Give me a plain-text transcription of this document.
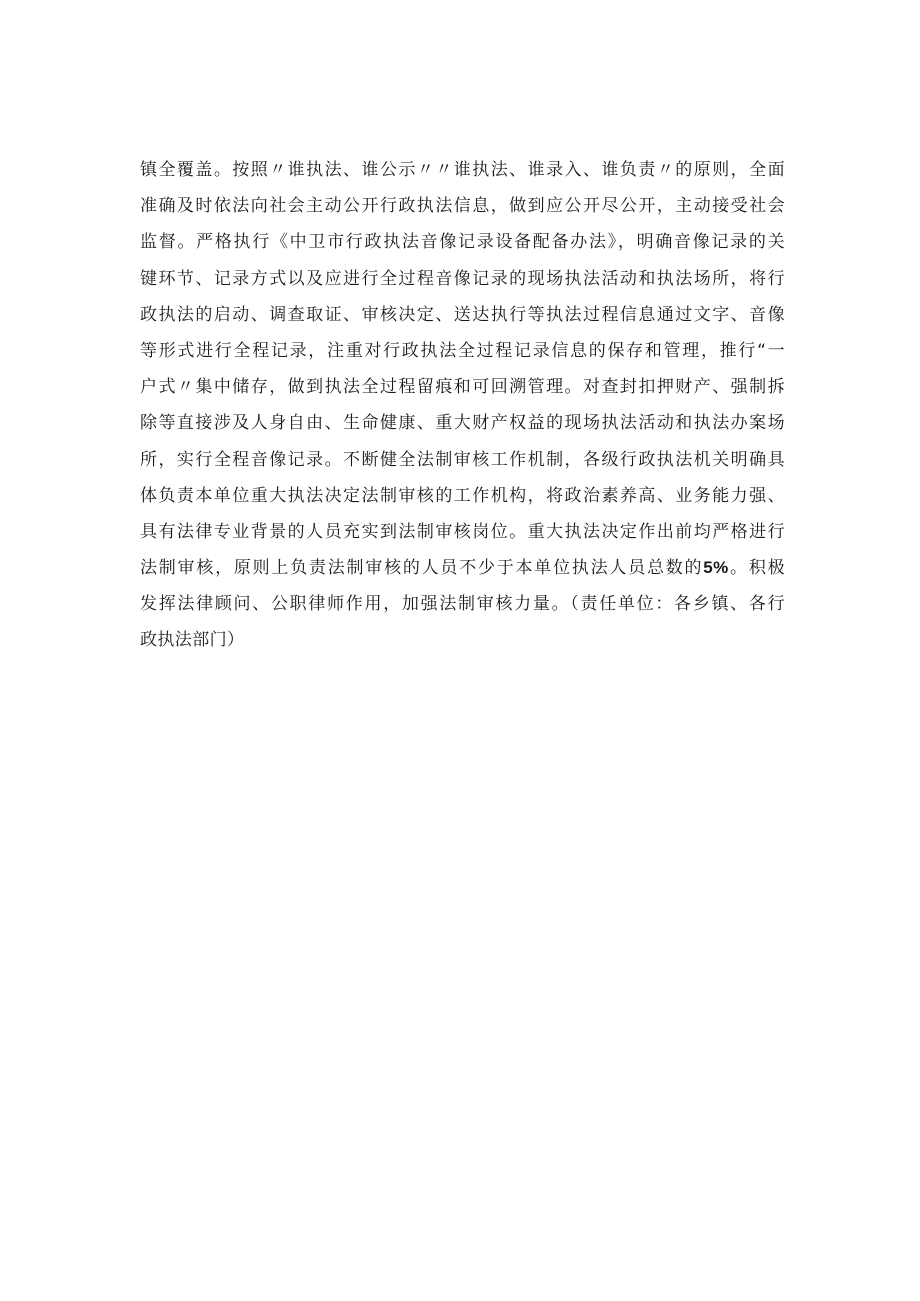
镇全覆盖。按照〃谁执法、谁公示〃〃谁执法、谁录入、谁负责〃的原则，全面
准确及时依法向社会主动公开行政执法信息，做到应公开尽公开，主动接受社会
监督。严格执行《中卫市行政执法音像记录设备配备办法》，明确音像记录的关
键环节、记录方式以及应进行全过程音像记录的现场执法活动和执法场所，将行
政执法的启动、调查取证、审核决定、送达执行等执法过程信息通过文字、音像
等形式进行全程记录，注重对行政执法全过程记录信息的保存和管理，推行“一
户式〃集中储存，做到执法全过程留痕和可回溯管理。对查封扣押财产、强制拆
除等直接涉及人身自由、生命健康、重大财产权益的现场执法活动和执法办案场
所，实行全程音像记录。不断健全法制审核工作机制，各级行政执法机关明确具
体负责本单位重大执法决定法制审核的工作机构，将政治素养高、业务能力强、
具有法律专业背景的人员充实到法制审核岗位。重大执法决定作出前均严格进行
法制审核，原则上负责法制审核的人员不少于本单位执法人员总数的5%。积极
发挥法律顾问、公职律师作用，加强法制审核力量。（责任单位：各乡镇、各行
政执法部门）
